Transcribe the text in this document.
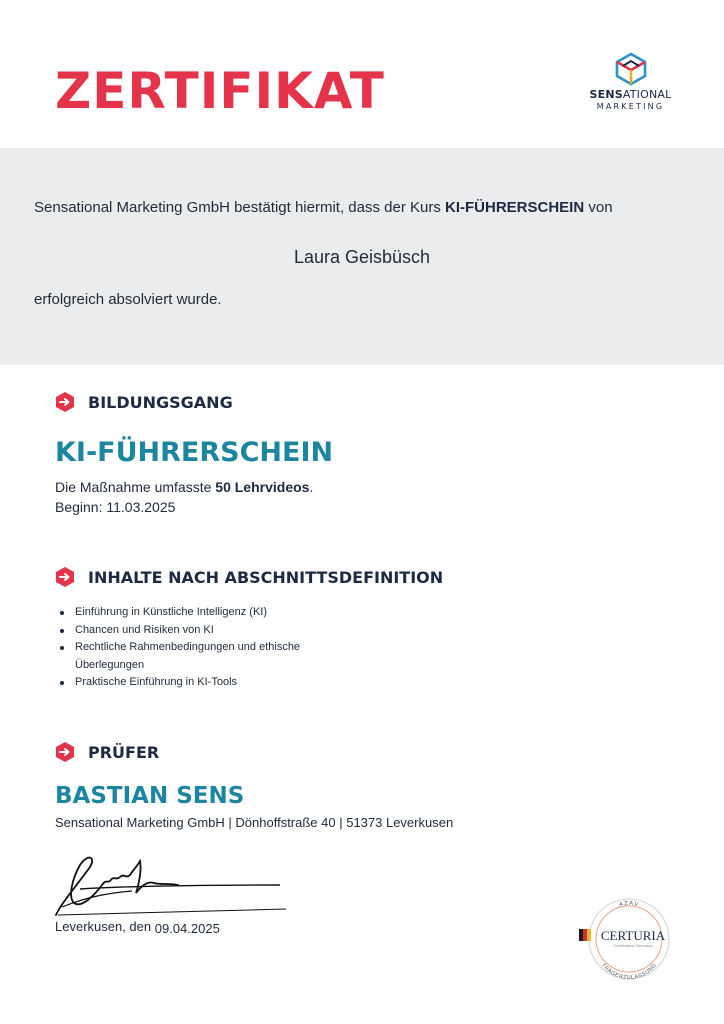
ZERTIFIKAT	SENSATIONAL
MARKETING

Sensational Marketing GmbH bestätigt hiermit, dass der Kurs KI-FÜHRERSCHEIN von

Laura Geisbüsch
erfolgreich absolviert wurde.
BILDUNGSGANG
KI-FÜHRERSCHEIN
Die Maßnahme umfasste 50 Lehrvideos.
Beginn: 11.03.2025
INHALTE NACH ABSCHNITTSDEFINITION
Einführung in Künstliche Intelligenz (KI)
Chancen und Risiken von KI
Rechtliche Rahmenbedingungen und ethische Überlegungen
Praktische Einführung in KI-Tools
PRÜFER
BASTIAN SENS
Sensational Marketing GmbH | Dönhoffstraße 40 | 51373 Leverkusen
Leverkusen, den 09.04.2025
AZAV
CERTURIA
Certification Germany
TRÄGERZULASSUNG
